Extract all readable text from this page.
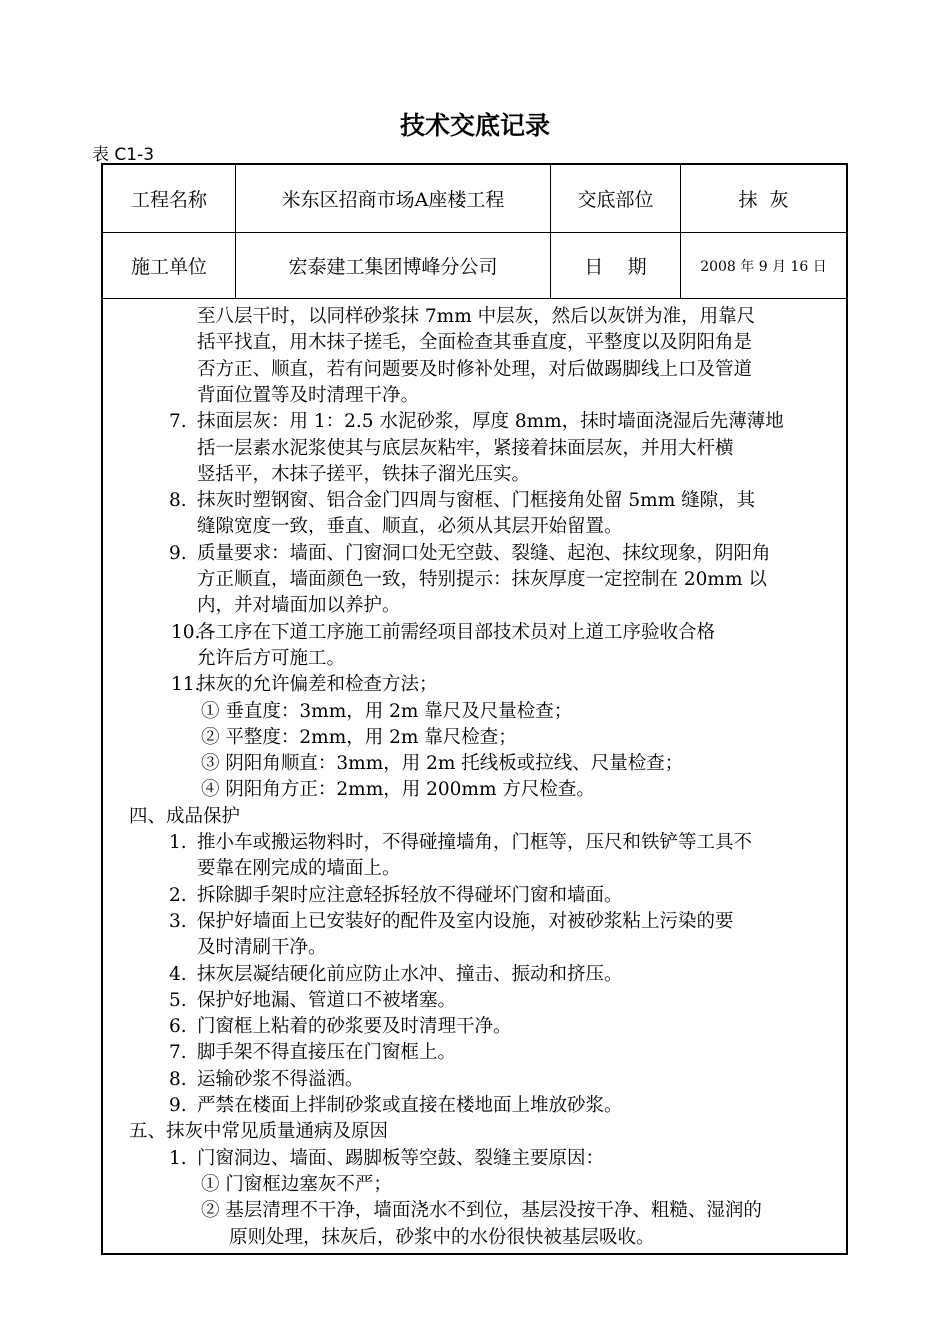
技术交底记录
表 C1-3
工程名称	米东区招商市场A座楼工程	交底部位	抹  灰
施工单位	宏泰建工集团博峰分公司	日    期	2008 年 9 月 16 日
至八层干时，以同样砂浆抹 7mm 中层灰，然后以灰饼为准，用靠尺
括平找直，用木抹子搓毛，全面检查其垂直度，平整度以及阴阳角是
否方正、顺直，若有问题要及时修补处理，对后做踢脚线上口及管道
背面位置等及时清理干净。
7. 抹面层灰：用 1：2.5 水泥砂浆，厚度 8mm，抹时墙面浇湿后先薄薄地
括一层素水泥浆使其与底层灰粘牢，紧接着抹面层灰，并用大杆横
竖括平，木抹子搓平，铁抹子溜光压实。
8. 抹灰时塑钢窗、铝合金门四周与窗框、门框接角处留 5mm 缝隙，其
缝隙宽度一致，垂直、顺直，必须从其层开始留置。
9. 质量要求：墙面、门窗洞口处无空鼓、裂缝、起泡、抹纹现象，阴阳角
方正顺直，墙面颜色一致，特别提示：抹灰厚度一定控制在 20mm 以
内，并对墙面加以养护。
10.
各工序在下道工序施工前需经项目部技术员对上道工序验收合格
允许后方可施工。
11.
抹灰的允许偏差和检查方法；
① 垂直度：3mm，用 2m 靠尺及尺量检查；
② 平整度：2mm，用 2m 靠尺检查；
③ 阴阳角顺直：3mm，用 2m 托线板或拉线、尺量检查；
④ 阴阳角方正：2mm，用 200mm 方尺检查。
四、成品保护
1. 推小车或搬运物料时，不得碰撞墙角，门框等，压尺和铁铲等工具不
要靠在刚完成的墙面上。
2. 拆除脚手架时应注意轻拆轻放不得碰坏门窗和墙面。
3. 保护好墙面上已安装好的配件及室内设施，对被砂浆粘上污染的要
及时清刷干净。
4. 抹灰层凝结硬化前应防止水冲、撞击、振动和挤压。
5. 保护好地漏、管道口不被堵塞。
6. 门窗框上粘着的砂浆要及时清理干净。
7. 脚手架不得直接压在门窗框上。
8. 运输砂浆不得溢洒。
9. 严禁在楼面上拌制砂浆或直接在楼地面上堆放砂浆。
五、抹灰中常见质量通病及原因
1. 门窗洞边、墙面、踢脚板等空鼓、裂缝主要原因：
① 门窗框边塞灰不严；
② 基层清理不干净，墙面浇水不到位，基层没按干净、粗糙、湿润的
原则处理，抹灰后，砂浆中的水份很快被基层吸收。
